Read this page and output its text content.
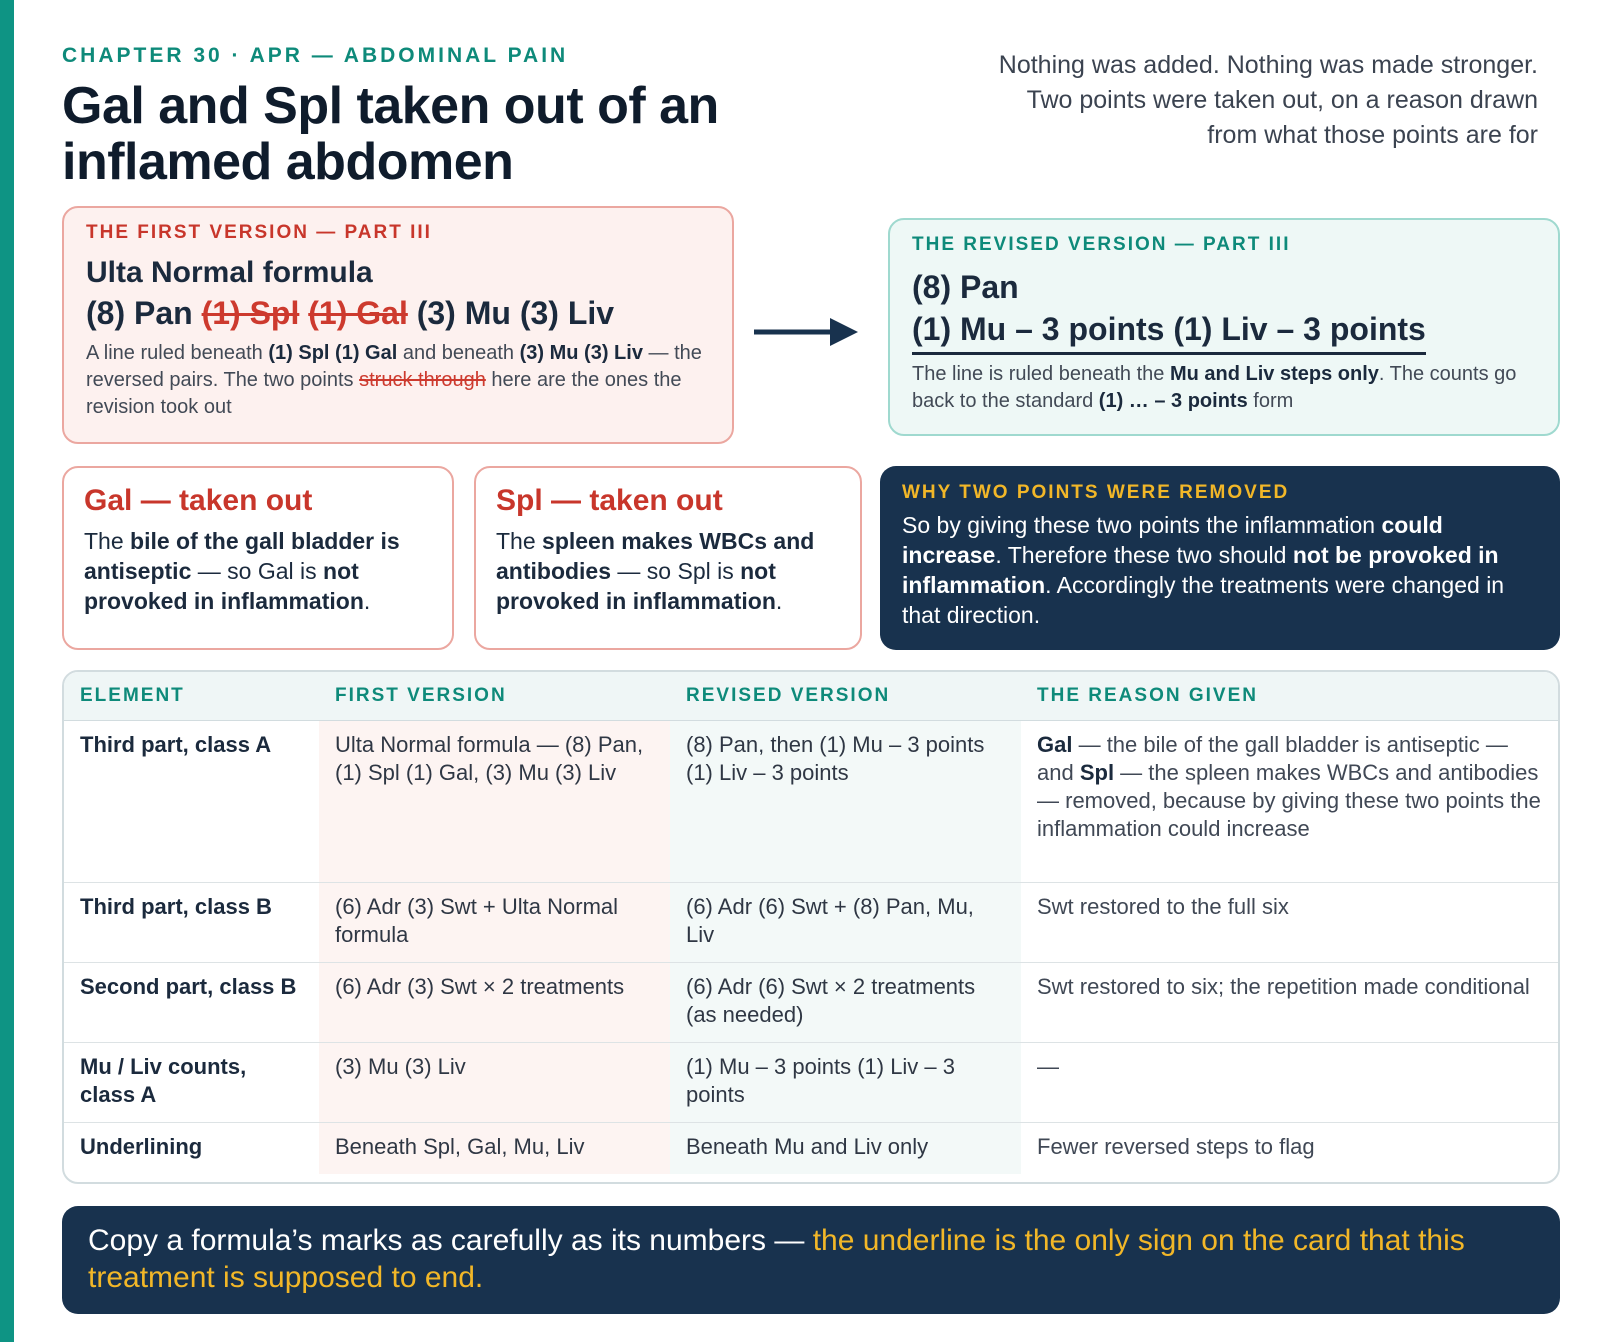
CHAPTER 30 · APR — ABDOMINAL PAIN
Gal and Spl taken out of an inflamed abdomen

Nothing was added. Nothing was made stronger. Two points were taken out, on a reason drawn from what those points are for

THE FIRST VERSION — PART III
Ulta Normal formula
(8) Pan (1) Spl (1) Gal (3) Mu (3) Liv

A line ruled beneath (1) Spl (1) Gal and beneath (3) Mu (3) Liv — the reversed pairs. The two points struck through here are the ones the revision took out

THE REVISED VERSION — PART III
(8) Pan
(1) Mu – 3 points (1) Liv – 3 points

The line is ruled beneath the Mu and Liv steps only. The counts go back to the standard (1) … – 3 points form

Gal — taken out

The bile of the gall bladder is antiseptic — so Gal is not provoked in inflammation.

Spl — taken out

The spleen makes WBCs and antibodies — so Spl is not provoked in inflammation.

WHY TWO POINTS WERE REMOVED

So by giving these two points the inflammation could increase. Therefore these two should not be provoked in inflammation. Accordingly the treatments were changed in that direction.

ELEMENT	FIRST VERSION	REVISED VERSION	THE REASON GIVEN
Third part, class A	Ulta Normal formula — (8) Pan, (1) Spl (1) Gal, (3) Mu (3) Liv	(8) Pan, then (1) Mu – 3 points (1) Liv – 3 points	Gal — the bile of the gall bladder is antiseptic — and Spl — the spleen makes WBCs and antibodies — removed, because by giving these two points the inflammation could increase
Third part, class B	(6) Adr (3) Swt + Ulta Normal formula	(6) Adr (6) Swt + (8) Pan, Mu, Liv	Swt restored to the full six
Second part, class B	(6) Adr (3) Swt × 2 treatments	(6) Adr (6) Swt × 2 treatments (as needed)	Swt restored to six; the repetition made conditional
Mu / Liv counts, class A	(3) Mu (3) Liv	(1) Mu – 3 points (1) Liv – 3 points	—
Underlining	Beneath Spl, Gal, Mu, Liv	Beneath Mu and Liv only	Fewer reversed steps to flag
Copy a formula’s marks as carefully as its numbers — the underline is the only sign on the card that this treatment is supposed to end.
